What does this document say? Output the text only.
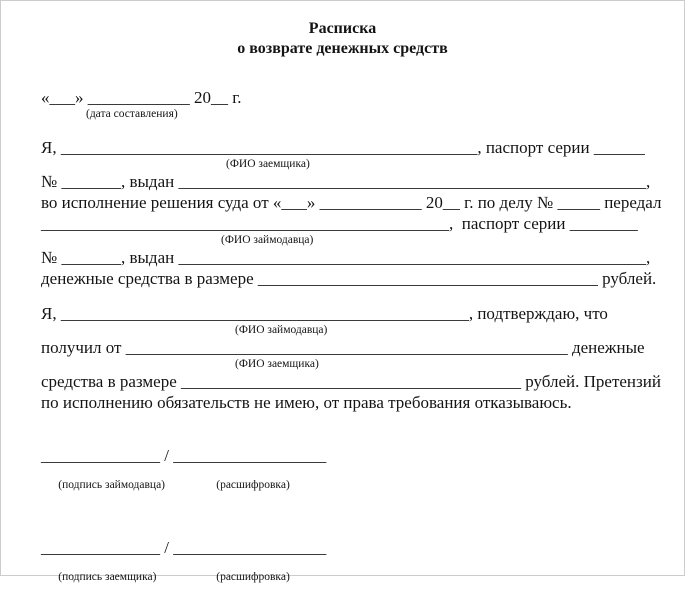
Расписка
о возврате денежных средств
«___» ____________ 20__ г.
(дата составления)
Я, _________________________________________________, паспорт серии ______
(ФИО заемщика)
№ _______, выдан _______________________________________________________,
во исполнение решения суда от «___» ____________ 20__ г. по делу № _____ передал
________________________________________________,  паспорт серии ________
(ФИО займодавца)
№ _______, выдан _______________________________________________________,
денежные средства в размере ________________________________________ рублей.
Я, ________________________________________________, подтверждаю, что
(ФИО займодавца)
получил от ____________________________________________________ денежные
(ФИО заемщика)
средства в размере ________________________________________ рублей. Претензий
по исполнению обязательств не имею, от права требования отказываюсь.
______________ / __________________

(подпись займодавца)	(расшифровка)

______________ / __________________

(подпись заемщика)	(расшифровка)
